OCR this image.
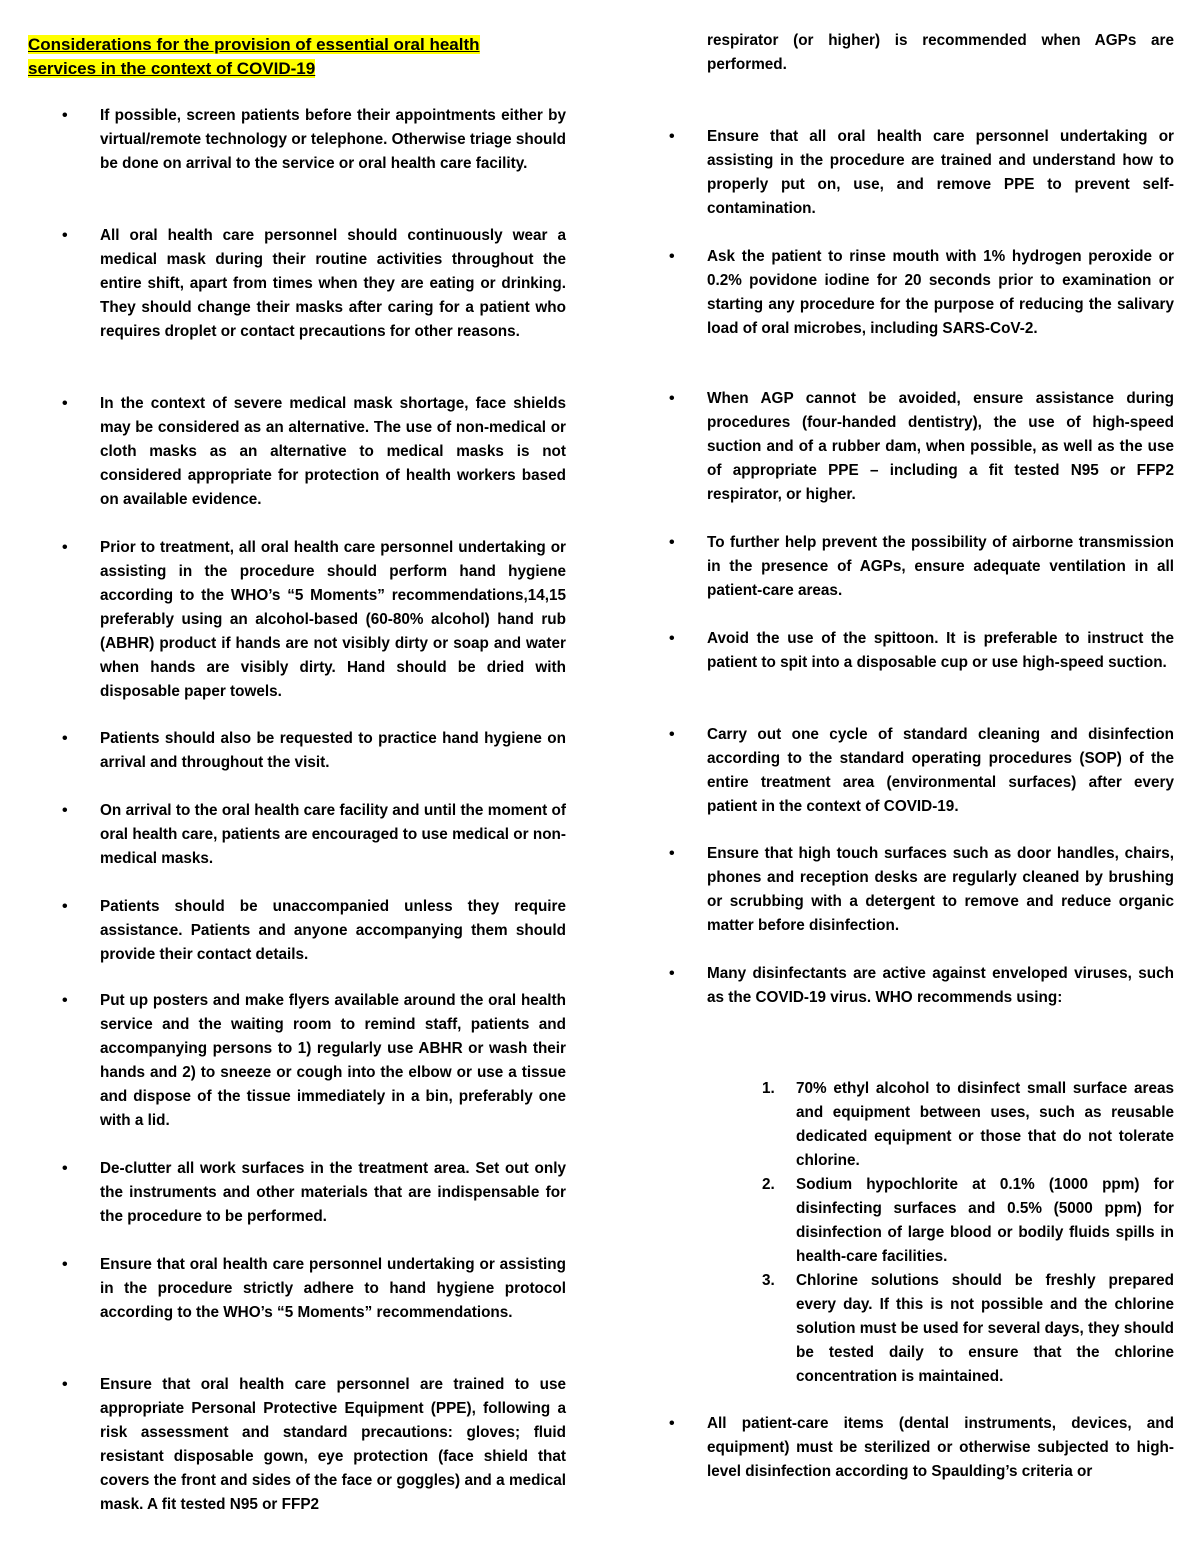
Considerations for the provision of essential oral health
services in the context of COVID-19
• If possible, screen patients before their appointments either by virtual/remote technology or telephone. Otherwise triage should be done on arrival to the service or oral health care facility.
• All oral health care personnel should continuously wear a medical mask during their routine activities throughout the entire shift, apart from times when they are eating or drinking. They should change their masks after caring for a patient who requires droplet or contact precautions for other reasons.
• In the context of severe medical mask shortage, face shields may be considered as an alternative. The use of non-medical or cloth masks as an alternative to medical masks is not considered appropriate for protection of health workers based on available evidence.
• Prior to treatment, all oral health care personnel undertaking or assisting in the procedure should perform hand hygiene according to the WHO’s “5 Moments” recommendations,14,15 preferably using an alcohol-based (60-80% alcohol) hand rub (ABHR) product if hands are not visibly dirty or soap and water when hands are visibly dirty. Hand should be dried with disposable paper towels.
• Patients should also be requested to practice hand hygiene on arrival and throughout the visit.
• On arrival to the oral health care facility and until the moment of oral health care, patients are encouraged to use medical or non-medical masks.
• Patients should be unaccompanied unless they require assistance. Patients and anyone accompanying them should provide their contact details.
• Put up posters and make flyers available around the oral health service and the waiting room to remind staff, patients and accompanying persons to 1) regularly use ABHR or wash their hands and 2) to sneeze or cough into the elbow or use a tissue and dispose of the tissue immediately in a bin, preferably one with a lid.
• De-clutter all work surfaces in the treatment area. Set out only the instruments and other materials that are indispensable for the procedure to be performed.
• Ensure that oral health care personnel undertaking or assisting in the procedure strictly adhere to hand hygiene protocol according to the WHO’s “5 Moments” recommendations.
• Ensure that oral health care personnel are trained to use appropriate Personal Protective Equipment (PPE), following a risk assessment and standard precautions: gloves; fluid resistant disposable gown, eye protection (face shield that covers the front and sides of the face or goggles) and a medical mask. A fit tested N95 or FFP2
respirator (or higher) is recommended when AGPs are performed.
• Ensure that all oral health care personnel undertaking or assisting in the procedure are trained and understand how to properly put on, use, and remove PPE to prevent self-contamination.
• Ask the patient to rinse mouth with 1% hydrogen peroxide or 0.2% povidone iodine for 20 seconds prior to examination or starting any procedure for the purpose of reducing the salivary load of oral microbes, including SARS-CoV-2.
• When AGP cannot be avoided, ensure assistance during procedures (four-handed dentistry), the use of high-speed suction and of a rubber dam, when possible, as well as the use of appropriate PPE – including a fit tested N95 or FFP2 respirator, or higher.
• To further help prevent the possibility of airborne transmission in the presence of AGPs, ensure adequate ventilation in all patient-care areas.
• Avoid the use of the spittoon. It is preferable to instruct the patient to spit into a disposable cup or use high-speed suction.
• Carry out one cycle of standard cleaning and disinfection according to the standard operating procedures (SOP) of the entire treatment area (environmental surfaces) after every patient in the context of COVID-19.
• Ensure that high touch surfaces such as door handles, chairs, phones and reception desks are regularly cleaned by brushing or scrubbing with a detergent to remove and reduce organic matter before disinfection.
• Many disinfectants are active against enveloped viruses, such as the COVID-19 virus. WHO recommends using:
1. 70% ethyl alcohol to disinfect small surface areas and equipment between uses, such as reusable dedicated equipment or those that do not tolerate chlorine.
2. Sodium hypochlorite at 0.1% (1000 ppm) for disinfecting surfaces and 0.5% (5000 ppm) for disinfection of large blood or bodily fluids spills in health-care facilities.
3. Chlorine solutions should be freshly prepared every day. If this is not possible and the chlorine solution must be used for several days, they should be tested daily to ensure that the chlorine concentration is maintained.
• All patient-care items (dental instruments, devices, and equipment) must be sterilized or otherwise subjected to high-level disinfection according to Spaulding’s criteria or
